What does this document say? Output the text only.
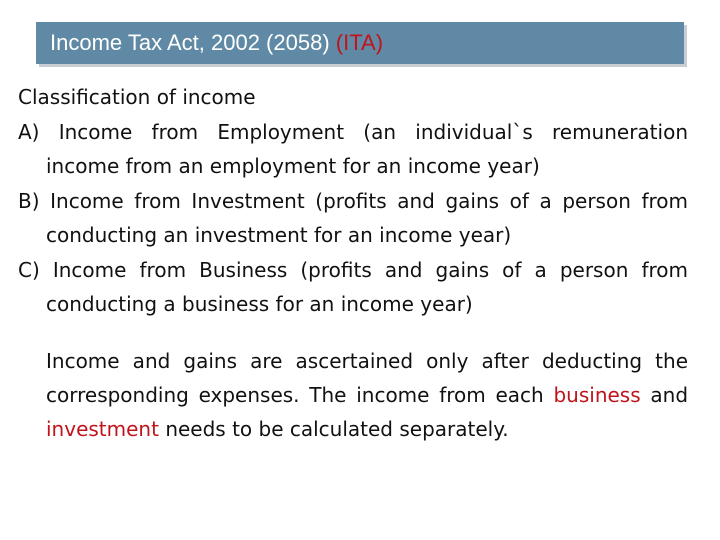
Income Tax Act, 2002 (2058) (ITA)

Classification of income

A) Income from Employment (an individual`s remuneration income from an employment for an income year)

B) Income from Investment (profits and gains of a person from conducting an investment for an income year)

C) Income from Business (profits and gains of a person from conducting a business for an income year)

Income and gains are ascertained only after deducting the corresponding expenses. The income from each business and investment needs to be calculated separately.
